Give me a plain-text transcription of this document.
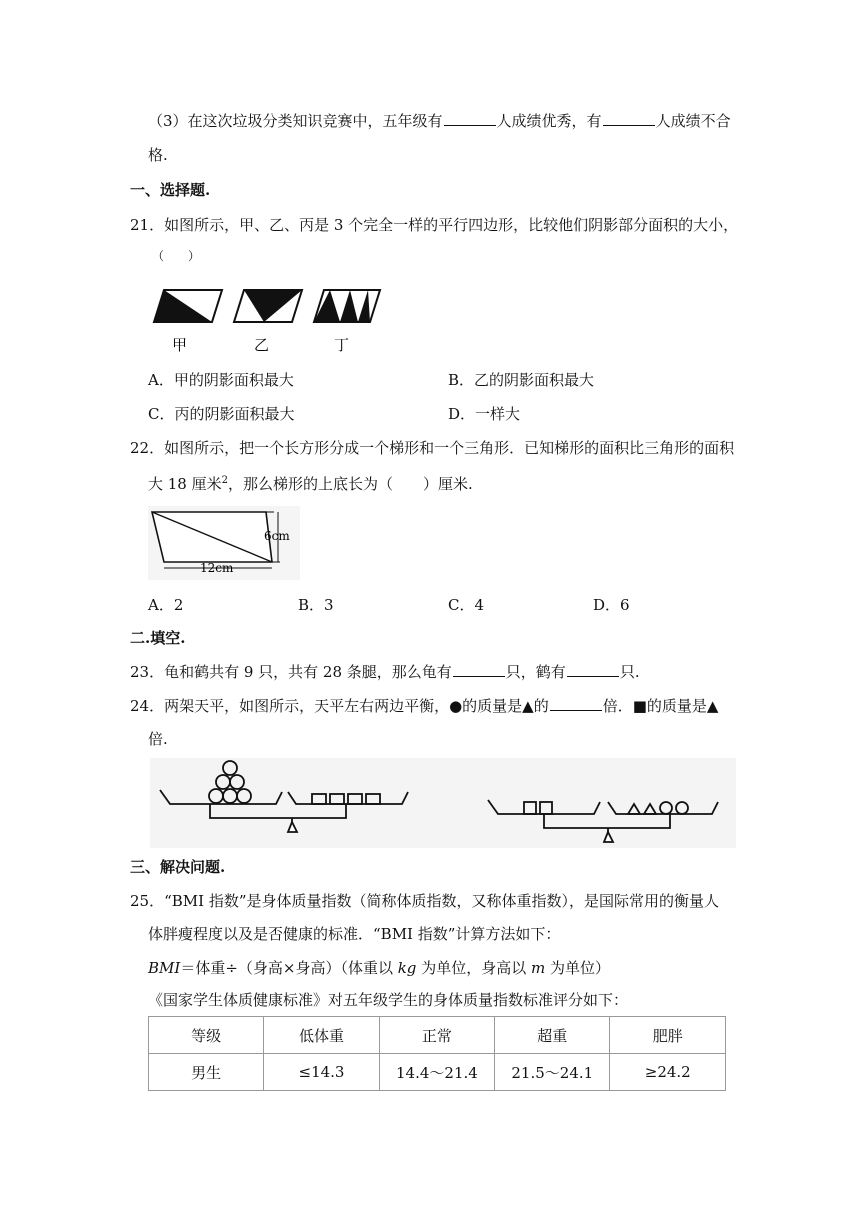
（3）在这次垃圾分类知识竞赛中，五年级有	人成绩优秀，有	人成绩不合
格.
一、选择题.
21．如图所示，甲、乙、丙是 3 个完全一样的平行四边形，比较他们阴影部分面积的大小，
（　　）
甲	乙	丁
A．甲的阴影面积最大	B．乙的阴影面积最大
C．丙的阴影面积最大	D．一样大
22．如图所示，把一个长方形分成一个梯形和一个三角形．已知梯形的面积比三角形的面积
大 18 厘米$^2$，那么梯形的上底长为（　　）厘米.
6cm
12cm
A．2	B．3	C．4	D．6
二.填空.
23．龟和鹤共有 9 只，共有 28 条腿，那么龟有	只，鹤有	只.
24．两架天平，如图所示，天平左右两边平衡，●的质量是▲的	倍．■的质量是▲
倍.
三、解决问题.
25．“BMI 指数”是身体质量指数（简称体质指数，又称体重指数），是国际常用的衡量人
体胖瘦程度以及是否健康的标准．“BMI 指数”计算方法如下：
BMI＝体重÷（身高×身高）（体重以 kg 为单位，身高以 m 为单位）
《国家学生体质健康标准》对五年级学生的身体质量指数标准评分如下：
等级	低体重	正常	超重	肥胖
男生	≤14.3	14.4～21.4	21.5～24.1	≥24.2
